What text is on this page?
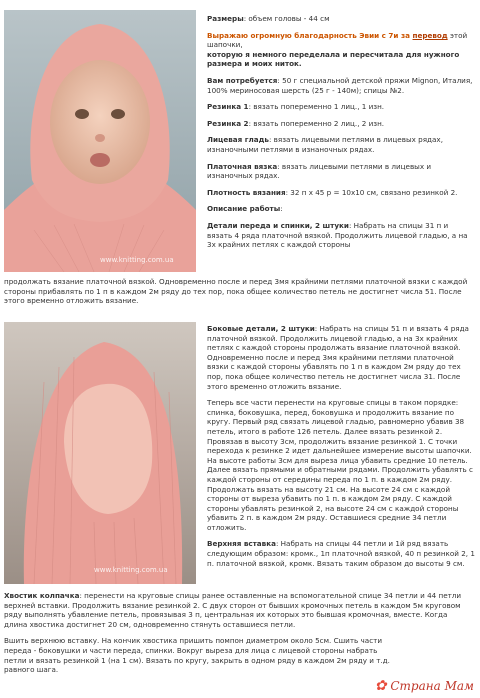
www.knitting.com.ua

Размеры: объем головы - 44 см

Выражаю огромную благодарность Эвии с 7и за перевод этой шапочки,
которую я немного переделала и пересчитала для нужного размера и моих ниток.

Вам потребуется: 50 г специальной детской пряжи Mignon, Италия, 100% мериносовая шерсть (25 г - 140м); спицы №2.

Резинка 1: вязать попеременно 1 лиц., 1 изн.

Резинка 2: вязать попеременно 2 лиц., 2 изн.

Лицевая гладь: вязать лицевыми петлями в лицевых рядах, изнаночными петлями в изнаночных рядах.

Платочная вязка: вязать лицевыми петлями в лицевых и изнаночных рядах.

Плотность вязания: 32 п x 45 р = 10x10 см, связано резинкой 2.

Описание работы:

Детали переда и спинки, 2 штуки: Набрать на спицы 31 п и вязать 4 ряда платочной вязкой. Продолжить лицевой гладью, а на 3х крайних петлях с каждой стороны

продолжать вязание платочной вязкой. Одновременно после и перед 3мя крайними петлями платочной вязки с каждой стороны прибавлять по 1 п в каждом 2м ряду до тех пор, пока общее количество петель не достигнет числа 51. После этого временно отложить вязание.
www.knitting.com.ua

Боковые детали, 2 штуки: Набрать на спицы 51 п и вязать 4 ряда платочной вязкой. Продолжить лицевой гладью, а на 3х крайних петлях с каждой стороны продолжать вязание платочной вязкой. Одновременно после и перед 3мя крайними петлями платочной вязки с каждой стороны убавлять по 1 п в каждом 2м ряду до тех пор, пока общее количество петель не достигнет числа 31. После этого временно отложить вязание.

Теперь все части перенести на круговые спицы в таком порядке: спинка, боковушка, перед, боковушка и продолжить вязание по кругу. Первый ряд связать лицевой гладью, равномерно убавив 38 петель, итого в работе 126 петель. Далее вязать резинкой 2. Провязав в высоту 3см, продолжить вязание резинкой 1. С точки перехода к резинке 2 идет дальнейшее измерение высоты шапочки. На высоте работы 3см для выреза лица убавить средние 10 петель. Далее вязать прямыми и обратными рядами. Продолжить убавлять с каждой стороны от середины переда по 1 п. в каждом 2м ряду. Продолжать вязать на высоту 21 см. На высоте 24 см с каждой стороны от выреза убавить по 1 п. в каждом 2м ряду. С каждой стороны убавлять резинкой 2, на высоте 24 см с каждой стороны убавить 2 п. в каждом 2м ряду. Оставшиеся средние 34 петли отложить.

Верхняя вставка: Набрать на спицы 44 петли и 1й ряд вязать следующим образом: кромк., 1п платочной вязкой, 40 п резинкой 2, 1 п. платочной вязкой, кромк. Вязать таким образом до высоты 9 см.

Хвостик колпачка: перенести на круговые спицы ранее оставленные на вспомогательной спице 34 петли и 44 петли верхней вставки. Продолжить вязание резинкой 2. С двух сторон от бывших кромочных петель в каждом 5м круговом ряду выполнять убавление петель, провязывая 3 п, центральная их которых это бывшая кромочная, вместе. Когда длина хвостика достигнет 20 см, одновременно стянуть оставшиеся петли.

Вшить верхнюю вставку. На кончик хвостика пришить помпон диаметром около 5см. Сшить части переда - боковушки и части переда, спинки. Вокруг выреза для лица с лицевой стороны набрать петли и вязать резинкой 1 (на 1 см). Вязать по кругу, закрыть в одном ряду в каждом 2м ряду и т.д. равного шага.

✿ Страна Мам
